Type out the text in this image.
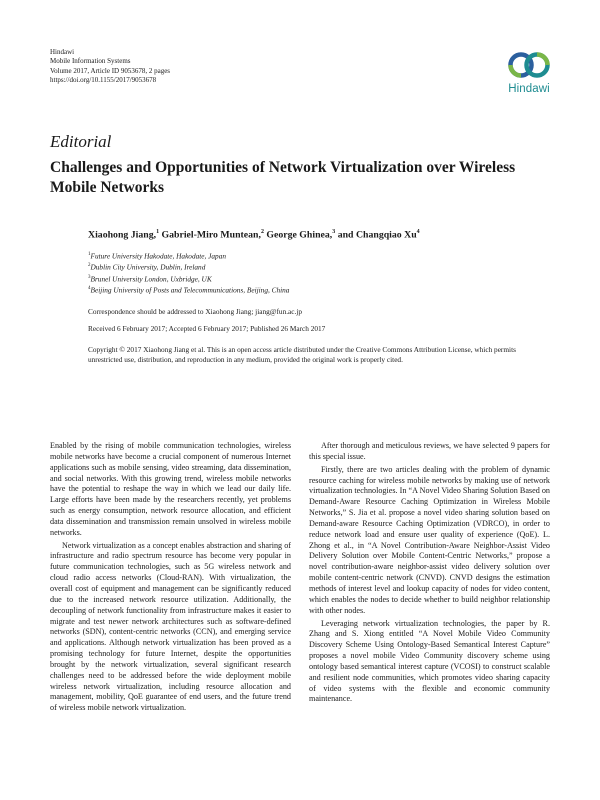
Hindawi
Mobile Information Systems
Volume 2017, Article ID 9053678, 2 pages
https://doi.org/10.1155/2017/9053678
Hindawi
Editorial
Challenges and Opportunities of Network Virtualization over Wireless Mobile Networks
Xiaohong Jiang,$^1$ Gabriel-Miro Muntean,$^2$ George Ghinea,$^3$ and Changqiao Xu$^4$
$^1$Future University Hakodate, Hakodate, Japan
$^2$Dublin City University, Dublin, Ireland
$^3$Brunel University London, Uxbridge, UK
$^4$Beijing University of Posts and Telecommunications, Beijing, China
Correspondence should be addressed to Xiaohong Jiang; jiang@fun.ac.jp
Received 6 February 2017; Accepted 6 February 2017; Published 26 March 2017
Copyright © 2017 Xiaohong Jiang et al. This is an open access article distributed under the Creative Commons Attribution License, which permits unrestricted use, distribution, and reproduction in any medium, provided the original work is properly cited.

Enabled by the rising of mobile communication technologies, wireless mobile networks have become a crucial component of numerous Internet applications such as mobile sensing, video streaming, data dissemination, and social networks. With this growing trend, wireless mobile networks have the potential to reshape the way in which we lead our daily life. Large efforts have been made by the researchers recently, yet problems such as energy consumption, network resource allocation, and efficient data dissemination and transmission remain unsolved in wireless mobile networks.

Network virtualization as a concept enables abstraction and sharing of infrastructure and radio spectrum resource has become very popular in future communication technologies, such as 5G wireless network and cloud radio access networks (Cloud-RAN). With virtualization, the overall cost of equipment and management can be significantly reduced due to the increased network resource utilization. Additionally, the decoupling of network functionality from infrastructure makes it easier to migrate and test newer network architectures such as software-defined networks (SDN), content-centric networks (CCN), and emerging service and applications. Although network virtualization has been proved as a promising technology for future Internet, despite the opportunities brought by the network virtualization, several significant research challenges need to be addressed before the wide deployment mobile wireless network virtualization, including resource allocation and management, mobility, QoE guarantee of end users, and the future trend of wireless mobile network virtualization.

After thorough and meticulous reviews, we have selected 9 papers for this special issue.

Firstly, there are two articles dealing with the problem of dynamic resource caching for wireless mobile networks by making use of network virtualization technologies. In “A Novel Video Sharing Solution Based on Demand-Aware Resource Caching Optimization in Wireless Mobile Networks,” S. Jia et al. propose a novel video sharing solution based on Demand-aware Resource Caching Optimization (VDRCO), in order to reduce network load and ensure user quality of experience (QoE). L. Zhong et al., in “A Novel Contribution-Aware Neighbor-Assist Video Delivery Solution over Mobile Content-Centric Networks,” propose a novel contribution-aware neighbor-assist video delivery solution over mobile content-centric network (CNVD). CNVD designs the estimation methods of interest level and lookup capacity of nodes for video content, which enables the nodes to decide whether to build neighbor relationship with other nodes.

Leveraging network virtualization technologies, the paper by R. Zhang and S. Xiong entitled “A Novel Mobile Video Community Discovery Scheme Using Ontology-Based Semantical Interest Capture” proposes a novel mobile Video Community discovery scheme using ontology based semantical interest capture (VCOSI) to construct scalable and resilient node communities, which promotes video sharing capacity of video systems with the flexible and economic community maintenance.
